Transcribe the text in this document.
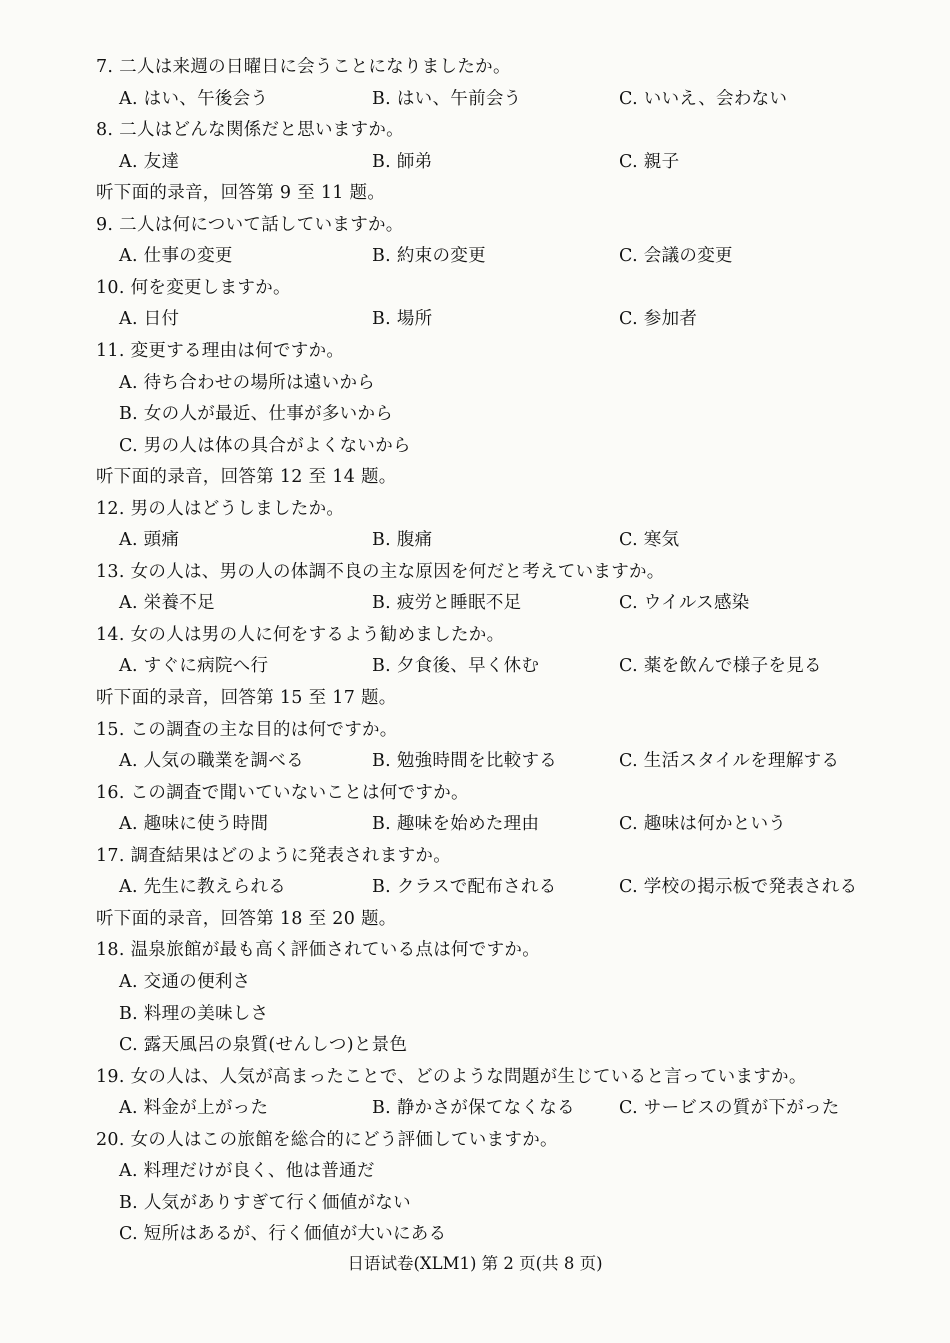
7. 二人は来週の日曜日に会うことになりましたか。
A. はい、午後会う	B. はい、午前会う	C. いいえ、会わない
8. 二人はどんな関係だと思いますか。
A. 友達	B. 師弟	C. 親子
听下面的录音，回答第 9 至 11 题。
9. 二人は何について話していますか。
A. 仕事の変更	B. 約束の変更	C. 会議の変更
10. 何を変更しますか。
A. 日付	B. 場所	C. 参加者
11. 変更する理由は何ですか。
A. 待ち合わせの場所は遠いから
B. 女の人が最近、仕事が多いから
C. 男の人は体の具合がよくないから
听下面的录音，回答第 12 至 14 题。
12. 男の人はどうしましたか。
A. 頭痛	B. 腹痛	C. 寒気
13. 女の人は、男の人の体調不良の主な原因を何だと考えていますか。
A. 栄養不足	B. 疲労と睡眠不足	C. ウイルス感染
14. 女の人は男の人に何をするよう勧めましたか。
A. すぐに病院へ行	B. 夕食後、早く休む	C. 薬を飲んで様子を見る
听下面的录音，回答第 15 至 17 题。
15. この調査の主な目的は何ですか。
A. 人気の職業を調べる	B. 勉強時間を比較する	C. 生活スタイルを理解する
16. この調査で聞いていないことは何ですか。
A. 趣味に使う時間	B. 趣味を始めた理由	C. 趣味は何かという
17. 調査結果はどのように発表されますか。
A. 先生に教えられる	B. クラスで配布される	C. 学校の掲示板で発表される
听下面的录音，回答第 18 至 20 题。
18. 温泉旅館が最も高く評価されている点は何ですか。
A. 交通の便利さ
B. 料理の美味しさ
C. 露天風呂の泉質(せんしつ)と景色
19. 女の人は、人気が高まったことで、どのような問題が生じていると言っていますか。
A. 料金が上がった	B. 静かさが保てなくなる	C. サービスの質が下がった
20. 女の人はこの旅館を総合的にどう評価していますか。
A. 料理だけが良く、他は普通だ
B. 人気がありすぎて行く価値がない
C. 短所はあるが、行く価値が大いにある
日语试卷(XLM1) 第 2 页(共 8 页)
